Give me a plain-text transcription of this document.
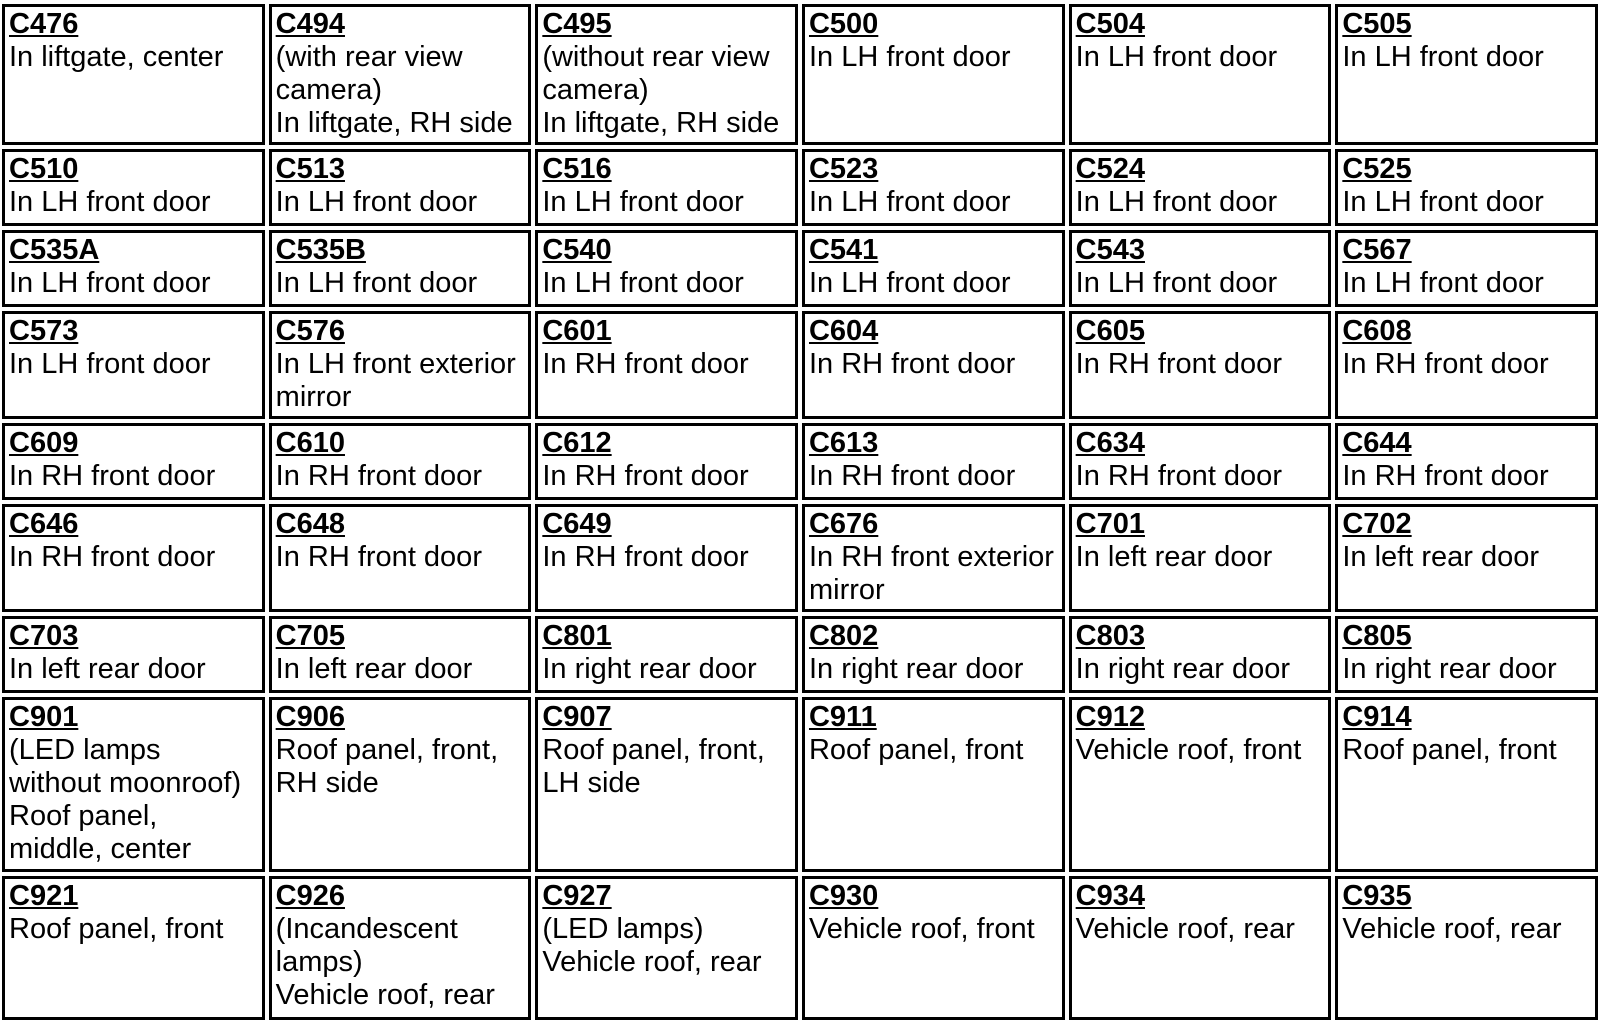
C476
In liftgate, center
C494
(with rear view camera)
In liftgate, RH side
C495
(without rear view camera)
In liftgate, RH side
C500
In LH front door
C504
In LH front door
C505
In LH front door
C510
In LH front door
C513
In LH front door
C516
In LH front door
C523
In LH front door
C524
In LH front door
C525
In LH front door
C535A
In LH front door
C535B
In LH front door
C540
In LH front door
C541
In LH front door
C543
In LH front door
C567
In LH front door
C573
In LH front door
C576
In LH front exterior mirror
C601
In RH front door
C604
In RH front door
C605
In RH front door
C608
In RH front door
C609
In RH front door
C610
In RH front door
C612
In RH front door
C613
In RH front door
C634
In RH front door
C644
In RH front door
C646
In RH front door
C648
In RH front door
C649
In RH front door
C676
In RH front exterior mirror
C701
In left rear door
C702
In left rear door
C703
In left rear door
C705
In left rear door
C801
In right rear door
C802
In right rear door
C803
In right rear door
C805
In right rear door
C901
(LED lamps without moonroof)
Roof panel, middle, center
C906
Roof panel, front, RH side
C907
Roof panel, front, LH side
C911
Roof panel, front
C912
Vehicle roof, front
C914
Roof panel, front
C921
Roof panel, front
C926
(Incandescent lamps)
Vehicle roof, rear
C927
(LED lamps)
Vehicle roof, rear
C930
Vehicle roof, front
C934
Vehicle roof, rear
C935
Vehicle roof, rear
